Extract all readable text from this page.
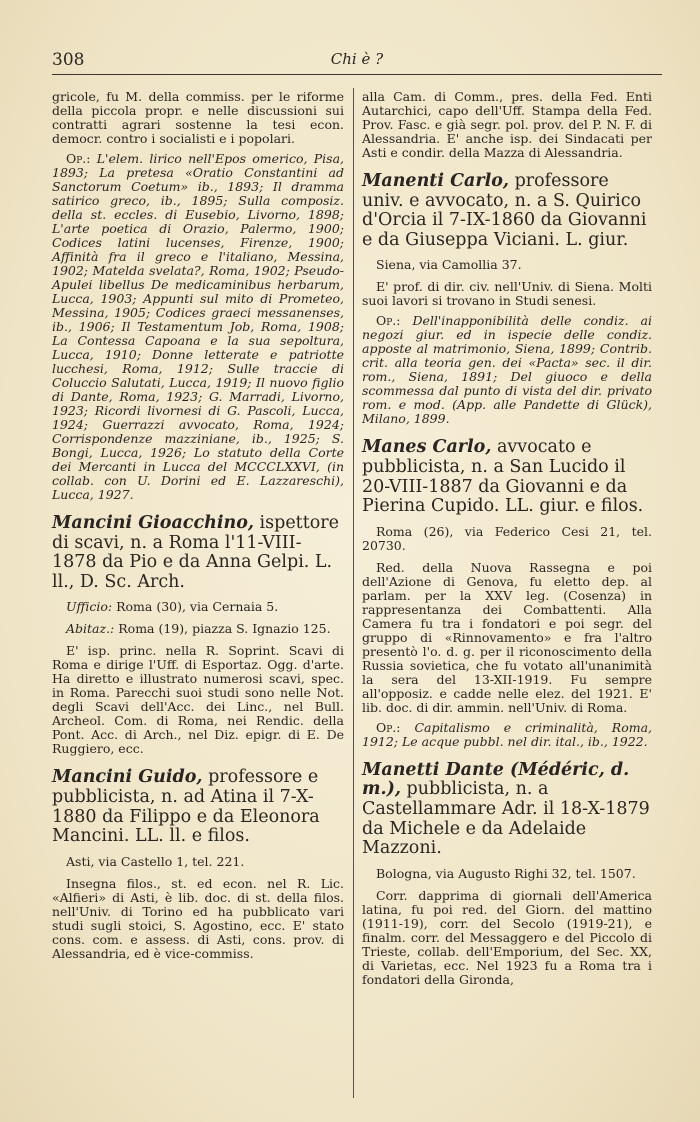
308	Chi è ?

gricole, fu M. della commiss. per le riforme della piccola propr. e nelle discussioni sui contratti agrari sostenne la tesi econ. democr. contro i socialisti e i popolari.

Op.: L'elem. lirico nell'Epos omerico, Pisa, 1893; La pretesa «Oratio Constantini ad Sanctorum Coetum» ib., 1893; Il dramma satirico greco, ib., 1895; Sulla composiz. della st. eccles. di Eusebio, Livorno, 1898; L'arte poetica di Orazio, Palermo, 1900; Codices latini lucenses, Firenze, 1900; Affinità fra il greco e l'italiano, Messina, 1902; Matelda svelata?, Roma, 1902; Pseudo-Apulei libellus De medicaminibus herbarum, Lucca, 1903; Appunti sul mito di Prometeo, Messina, 1905; Codices graeci messanenses, ib., 1906; Il Testamentum Job, Roma, 1908; La Contessa Capoana e la sua sepoltura, Lucca, 1910; Donne letterate e patriotte lucchesi, Roma, 1912; Sulle traccie di Coluccio Salutati, Lucca, 1919; Il nuovo figlio di Dante, Roma, 1923; G. Marradi, Livorno, 1923; Ricordi livornesi di G. Pascoli, Lucca, 1924; Guerrazzi avvocato, Roma, 1924; Corrispondenze mazziniane, ib., 1925; S. Bongi, Lucca, 1926; Lo statuto della Corte dei Mercanti in Lucca del MCCCLXXVI, (in collab. con U. Dorini ed E. Lazzareschi), Lucca, 1927.

Mancini Gioacchino, ispettore di scavi, n. a Roma l'11-VIII-1878 da Pio e da Anna Gelpi. L. ll., D. Sc. Arch.

Ufficio: Roma (30), via Cernaia 5.

Abitaz.: Roma (19), piazza S. Ignazio 125.

E' isp. princ. nella R. Soprint. Scavi di Roma e dirige l'Uff. di Esportaz. Ogg. d'arte. Ha diretto e illustrato numerosi scavi, spec. in Roma. Parecchi suoi studi sono nelle Not. degli Scavi dell'Acc. dei Linc., nel Bull. Archeol. Com. di Roma, nei Rendic. della Pont. Acc. di Arch., nel Diz. epigr. di E. De Ruggiero, ecc.

Mancini Guido, professore e pubblicista, n. ad Atina il 7-X-1880 da Filippo e da Eleonora Mancini. LL. ll. e filos.

Asti, via Castello 1, tel. 221.

Insegna filos., st. ed econ. nel R. Lic. «Alfieri» di Asti, è lib. doc. di st. della filos. nell'Univ. di Torino ed ha pubblicato vari studi sugli stoici, S. Agostino, ecc. E' stato cons. com. e assess. di Asti, cons. prov. di Alessandria, ed è vice-commiss.

alla Cam. di Comm., pres. della Fed. Enti Autarchici, capo dell'Uff. Stampa della Fed. Prov. Fasc. e già segr. pol. prov. del P. N. F. di Alessandria. E' anche isp. dei Sindacati per Asti e condir. della Mazza di Alessandria.

Manenti Carlo, professore univ. e avvocato, n. a S. Quirico d'Orcia il 7-IX-1860 da Giovanni e da Giuseppa Viciani. L. giur.

Siena, via Camollia 37.

E' prof. di dir. civ. nell'Univ. di Siena. Molti suoi lavori si trovano in Studi senesi.

Op.: Dell'inapponibilità delle condiz. ai negozi giur. ed in ispecie delle condiz. apposte al matrimonio, Siena, 1899; Contrib. crit. alla teoria gen. dei «Pacta» sec. il dir. rom., Siena, 1891; Del giuoco e della scommessa dal punto di vista del dir. privato rom. e mod. (App. alle Pandette di Glück), Milano, 1899.

Manes Carlo, avvocato e pubblicista, n. a San Lucido il 20-VIII-1887 da Giovanni e da Pierina Cupido. LL. giur. e filos.

Roma (26), via Federico Cesi 21, tel. 20730.

Red. della Nuova Rassegna e poi dell'Azione di Genova, fu eletto dep. al parlam. per la XXV leg. (Cosenza) in rappresentanza dei Combattenti. Alla Camera fu tra i fondatori e poi segr. del gruppo di «Rinnovamento» e fra l'altro presentò l'o. d. g. per il riconoscimento della Russia sovietica, che fu votato all'unanimità la sera del 13-XII-1919. Fu sempre all'opposiz. e cadde nelle elez. del 1921. E' lib. doc. di dir. ammin. nell'Univ. di Roma.

Op.: Capitalismo e criminalità, Roma, 1912; Le acque pubbl. nel dir. ital., ib., 1922.

Manetti Dante (Médéric, d. m.), pubblicista, n. a Castellammare Adr. il 18-X-1879 da Michele e da Adelaide Mazzoni.

Bologna, via Augusto Righi 32, tel. 1507.

Corr. dapprima di giornali dell'America latina, fu poi red. del Giorn. del mattino (1911-19), corr. del Secolo (1919-21), e finalm. corr. del Messaggero e del Piccolo di Trieste, collab. dell'Emporium, del Sec. XX, di Varietas, ecc. Nel 1923 fu a Roma tra i fondatori della Gironda,
